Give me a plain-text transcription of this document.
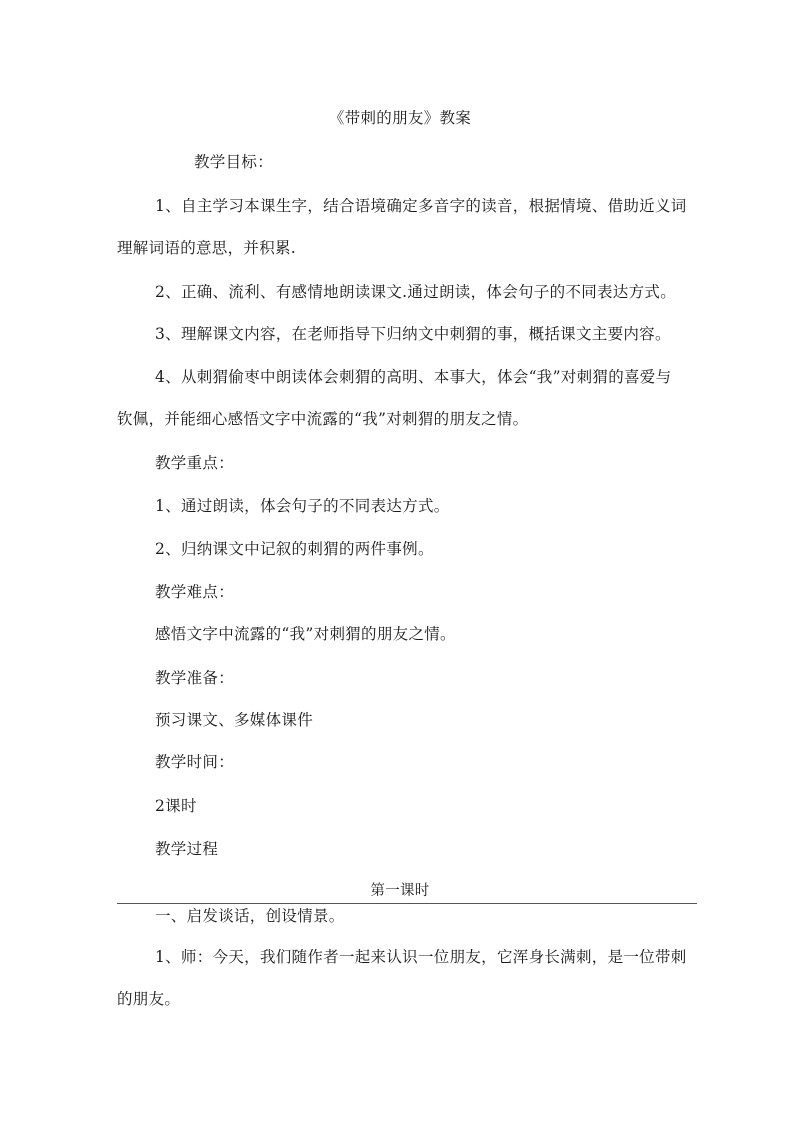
《带刺的朋友》教案
教学目标：
1、自主学习本课生字，结合语境确定多音字的读音，根据情境、借助近义词
理解词语的意思，并积累.
2、正确、流利、有感情地朗读课文.通过朗读，体会句子的不同表达方式。
3、理解课文内容，在老师指导下归纳文中刺猬的事，概括课文主要内容。
4、从刺猬偷枣中朗读体会刺猬的高明、本事大，体会“我”对刺猬的喜爱与
钦佩，并能细心感悟文字中流露的“我”对刺猬的朋友之情。
教学重点：
1、通过朗读，体会句子的不同表达方式。
2、归纳课文中记叙的刺猬的两件事例。
教学难点：
感悟文字中流露的“我”对刺猬的朋友之情。
教学准备：
预习课文、多媒体课件
教学时间：
2课时
教学过程
第一课时
一、启发谈话，创设情景。
1、师：今天，我们随作者一起来认识一位朋友，它浑身长满刺，是一位带刺
的朋友。
